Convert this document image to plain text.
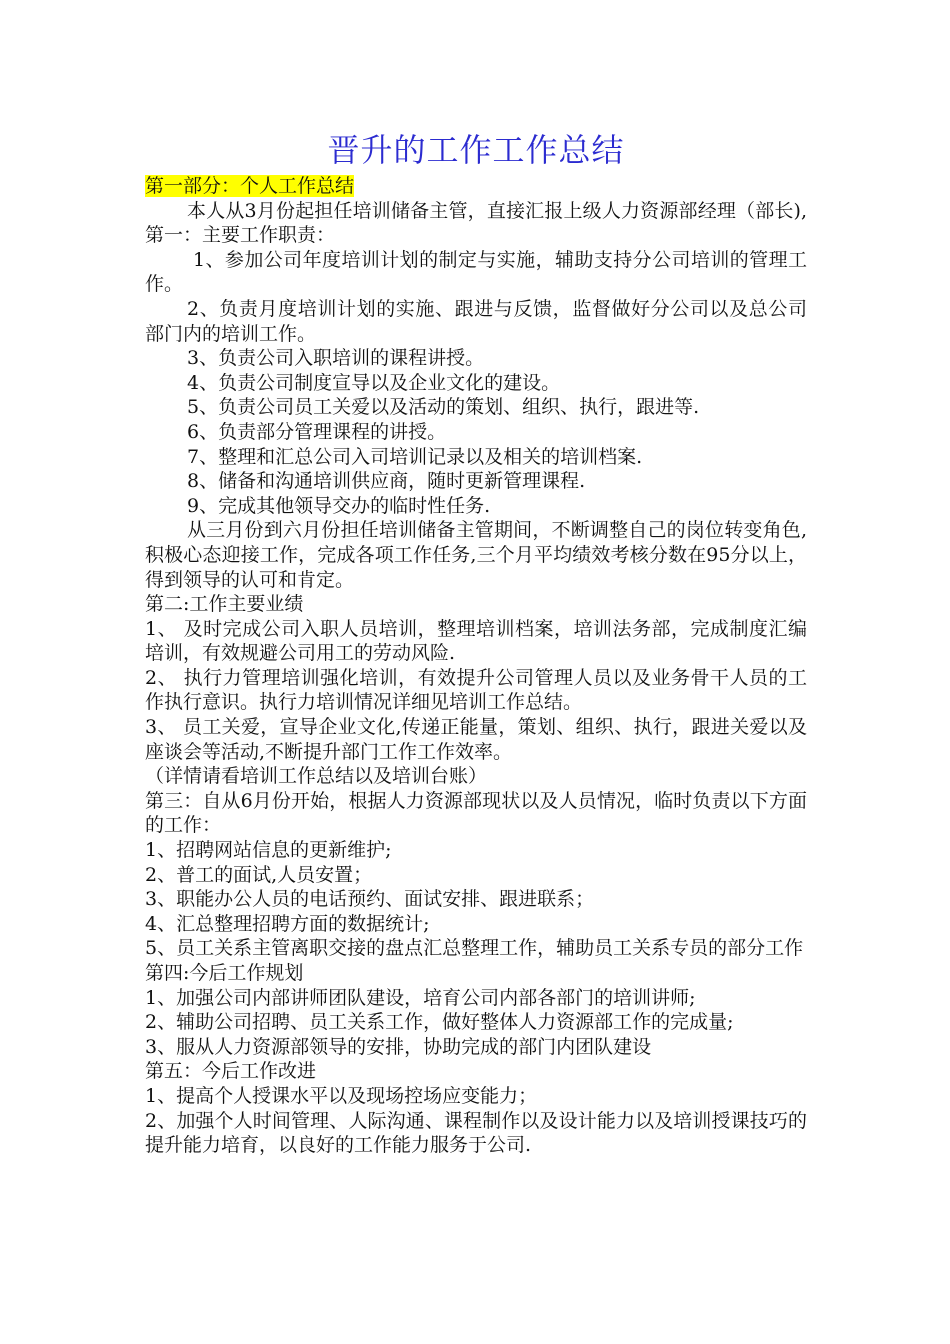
晋升的工作工作总结

第一部分：个人工作总结

本人从3月份起担任培训储备主管，直接汇报上级人力资源部经理（部长),第一：主要工作职责：

1、参加公司年度培训计划的制定与实施，辅助支持分公司培训的管理工作。

2、负责月度培训计划的实施、跟进与反馈，监督做好分公司以及总公司部门内的培训工作。

3、负责公司入职培训的课程讲授。

4、负责公司制度宣导以及企业文化的建设。

5、负责公司员工关爱以及活动的策划、组织、执行，跟进等.

6、负责部分管理课程的讲授。

7、整理和汇总公司入司培训记录以及相关的培训档案.

8、储备和沟通培训供应商，随时更新管理课程.

9、完成其他领导交办的临时性任务.

从三月份到六月份担任培训储备主管期间，不断调整自己的岗位转变角色,积极心态迎接工作，完成各项工作任务,三个月平均绩效考核分数在95分以上，得到领导的认可和肯定。

第二:工作主要业绩

1、 及时完成公司入职人员培训，整理培训档案，培训法务部，完成制度汇编培训，有效规避公司用工的劳动风险.

2、 执行力管理培训强化培训，有效提升公司管理人员以及业务骨干人员的工作执行意识。执行力培训情况详细见培训工作总结。

3、 员工关爱，宣导企业文化,传递正能量，策划、组织、执行，跟进关爱以及座谈会等活动,不断提升部门工作工作效率。

（详情请看培训工作总结以及培训台账）

第三：自从6月份开始，根据人力资源部现状以及人员情况，临时负责以下方面的工作：

1、招聘网站信息的更新维护;

2、普工的面试,人员安置；

3、职能办公人员的电话预约、面试安排、跟进联系；

4、汇总整理招聘方面的数据统计;

5、员工关系主管离职交接的盘点汇总整理工作，辅助员工关系专员的部分工作

第四:今后工作规划

1、加强公司内部讲师团队建设，培育公司内部各部门的培训讲师;

2、辅助公司招聘、员工关系工作，做好整体人力资源部工作的完成量;

3、服从人力资源部领导的安排，协助完成的部门内团队建设

第五：今后工作改进

1、提高个人授课水平以及现场控场应变能力；

2、加强个人时间管理、人际沟通、课程制作以及设计能力以及培训授课技巧的提升能力培育，以良好的工作能力服务于公司.
